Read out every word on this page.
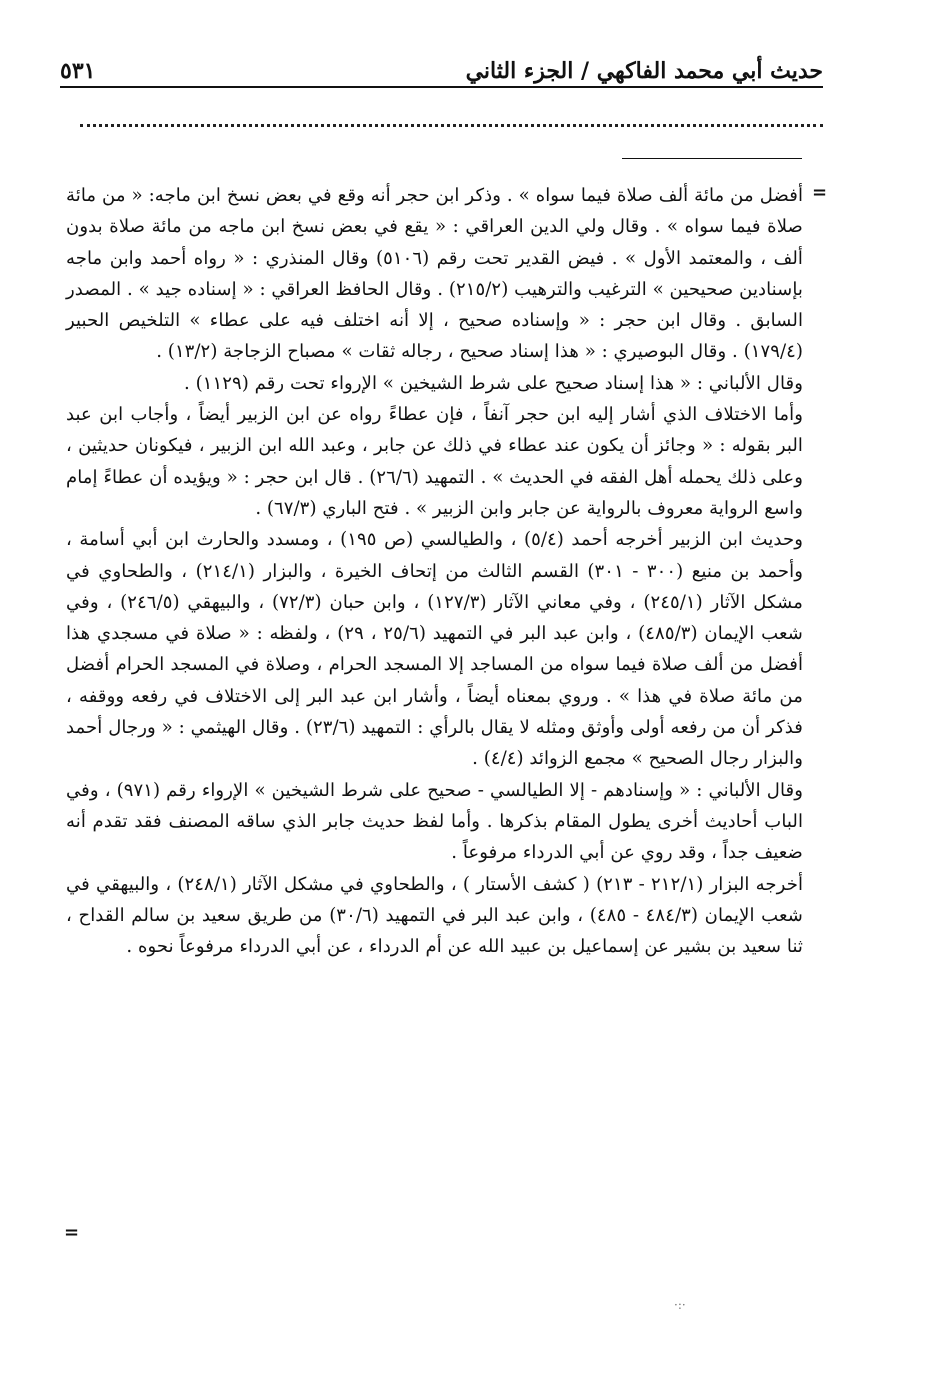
حديث أبي محمد الفاكهي / الجزء الثاني
٥٣١
=

أفضل من مائة ألف صلاة فيما سواه » . وذكر ابن حجر أنه وقع في بعض نسخ ابن ماجه: « من مائة صلاة فيما سواه » . وقال ولي الدين العراقي : « يقع في بعض نسخ ابن ماجه من مائة صلاة بدون ألف ، والمعتمد الأول » . فيض القدير تحت رقم (٥١٠٦) وقال المنذري : « رواه أحمد وابن ماجه بإسنادين صحيحين » الترغيب والترهيب (٢١٥/٢) . وقال الحافظ العراقي : « إسناده جيد » . المصدر السابق . وقال ابن حجر : « وإسناده صحيح ، إلا أنه اختلف فيه على عطاء » التلخيص الحبير (١٧٩/٤) . وقال البوصيري : « هذا إسناد صحيح ، رجاله ثقات » مصباح الزجاجة (١٣/٢) .

وقال الألباني : « هذا إسناد صحيح على شرط الشيخين » الإرواء تحت رقم (١١٢٩) .

وأما الاختلاف الذي أشار إليه ابن حجر آنفاً ، فإن عطاءً رواه عن ابن الزبير أيضاً ، وأجاب ابن عبد البر بقوله : « وجائز أن يكون عند عطاء في ذلك عن جابر ، وعبد الله ابن الزبير ، فيكونان حديثين ، وعلى ذلك يحمله أهل الفقه في الحديث » . التمهيد (٢٦/٦) . قال ابن حجر : « ويؤيده أن عطاءً إمام واسع الرواية معروف بالرواية عن جابر وابن الزبير » . فتح الباري (٦٧/٣) .

وحديث ابن الزبير أخرجه أحمد (٥/٤) ، والطيالسي (ص ١٩٥) ، ومسدد والحارث ابن أبي أسامة ، وأحمد بن منيع (٣٠٠ - ٣٠١) القسم الثالث من إتحاف الخيرة ، والبزار (٢١٤/١) ، والطحاوي في مشكل الآثار (٢٤٥/١) ، وفي معاني الآثار (١٢٧/٣) ، وابن حبان (٧٢/٣) ، والبيهقي (٢٤٦/٥) ، وفي شعب الإيمان (٤٨٥/٣) ، وابن عبد البر في التمهيد (٢٥/٦ ، ٢٩) ، ولفظه : « صلاة في مسجدي هذا أفضل من ألف صلاة فيما سواه من المساجد إلا المسجد الحرام ، وصلاة في المسجد الحرام أفضل من مائة صلاة في هذا » . وروي بمعناه أيضاً ، وأشار ابن عبد البر إلى الاختلاف في رفعه ووقفه ، فذكر أن من رفعه أولى وأوثق ومثله لا يقال بالرأي : التمهيد (٢٣/٦) . وقال الهيثمي : « ورجال أحمد والبزار رجال الصحيح » مجمع الزوائد (٤/٤) .

وقال الألباني : « وإسنادهم - إلا الطيالسي - صحيح على شرط الشيخين » الإرواء رقم (٩٧١) ، وفي الباب أحاديث أخرى يطول المقام بذكرها . وأما لفظ حديث جابر الذي ساقه المصنف فقد تقدم أنه ضعيف جداً ، وقد روي عن أبي الدرداء مرفوعاً .

أخرجه البزار (٢١٢/١ - ٢١٣) ( كشف الأستار ) ، والطحاوي في مشكل الآثار (٢٤٨/١) ، والبيهقي في شعب الإيمان (٤٨٤/٣ - ٤٨٥) ، وابن عبد البر في التمهيد (٣٠/٦) من طريق سعيد بن سالم القداح ، ثنا سعيد بن بشير عن إسماعيل بن عبيد الله عن أم الدرداء ، عن أبي الدرداء مرفوعاً نحوه .

=
·:·
